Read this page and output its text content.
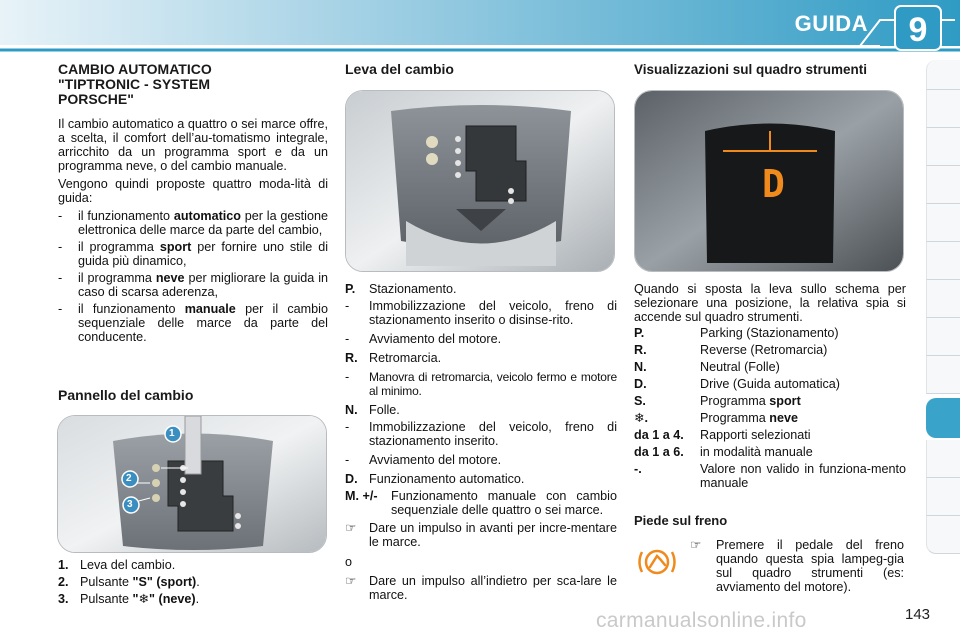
GUIDA	9
CAMBIO AUTOMATICO "TIPTRONIC - SYSTEM PORSCHE"

Il cambio automatico a quattro o sei marce offre, a scelta, il comfort dell’au-tomatismo integrale, arricchito da un programma sport e da un programma neve, o del cambio manuale.

Vengono quindi proposte quattro moda-lità di guida:

- il funzionamento automatico per la gestione elettronica delle marce da parte del cambio,
- il programma sport per fornire uno stile di guida più dinamico,
- il programma neve per migliorare la guida in caso di scarsa aderenza,
- il funzionamento manuale per il cambio sequenziale delle marce da parte del conducente.
Pannello del cambio
1
2
3
1. Leva del cambio.
2. Pulsante "S" (sport).
3. Pulsante "❄" (neve).
Leva del cambio
P.	Stazionamento.
-	Immobilizzazione del veicolo, freno di stazionamento inserito o disinse-rito.
-	Avviamento del motore.
R. Retromarcia.
-	Manovra di retromarcia, veicolo fermo e motore al minimo.
N. Folle.
-	Immobilizzazione del veicolo, freno di stazionamento inserito.
-	Avviamento del motore.
D. Funzionamento automatico.
M. +/-	Funzionamento manuale con cambio sequenziale delle quattro o sei marce.
☞	Dare un impulso in avanti per incre-mentare le marce.
o
☞	Dare un impulso all’indietro per sca-lare le marce.
Visualizzazioni sul quadro strumenti
D

Quando si sposta la leva sullo schema per selezionare una posizione, la relativa spia si accende sul quadro strumenti.

P.	Parking (Stazionamento)
R.	Reverse (Retromarcia)
N.	Neutral (Folle)
D.	Drive (Guida automatica)
S.	Programma sport
❄.	Programma neve
da 1 a 4.	Rapporti selezionati
da 1 a 6.	in modalità manuale
-.	Valore non valido in funziona-mento manuale
Piede sul freno
☞	Premere il pedale del freno quando questa spia lampeg-gia sul quadro strumenti (es: avviamento del motore).
143
carmanualsonline.info
